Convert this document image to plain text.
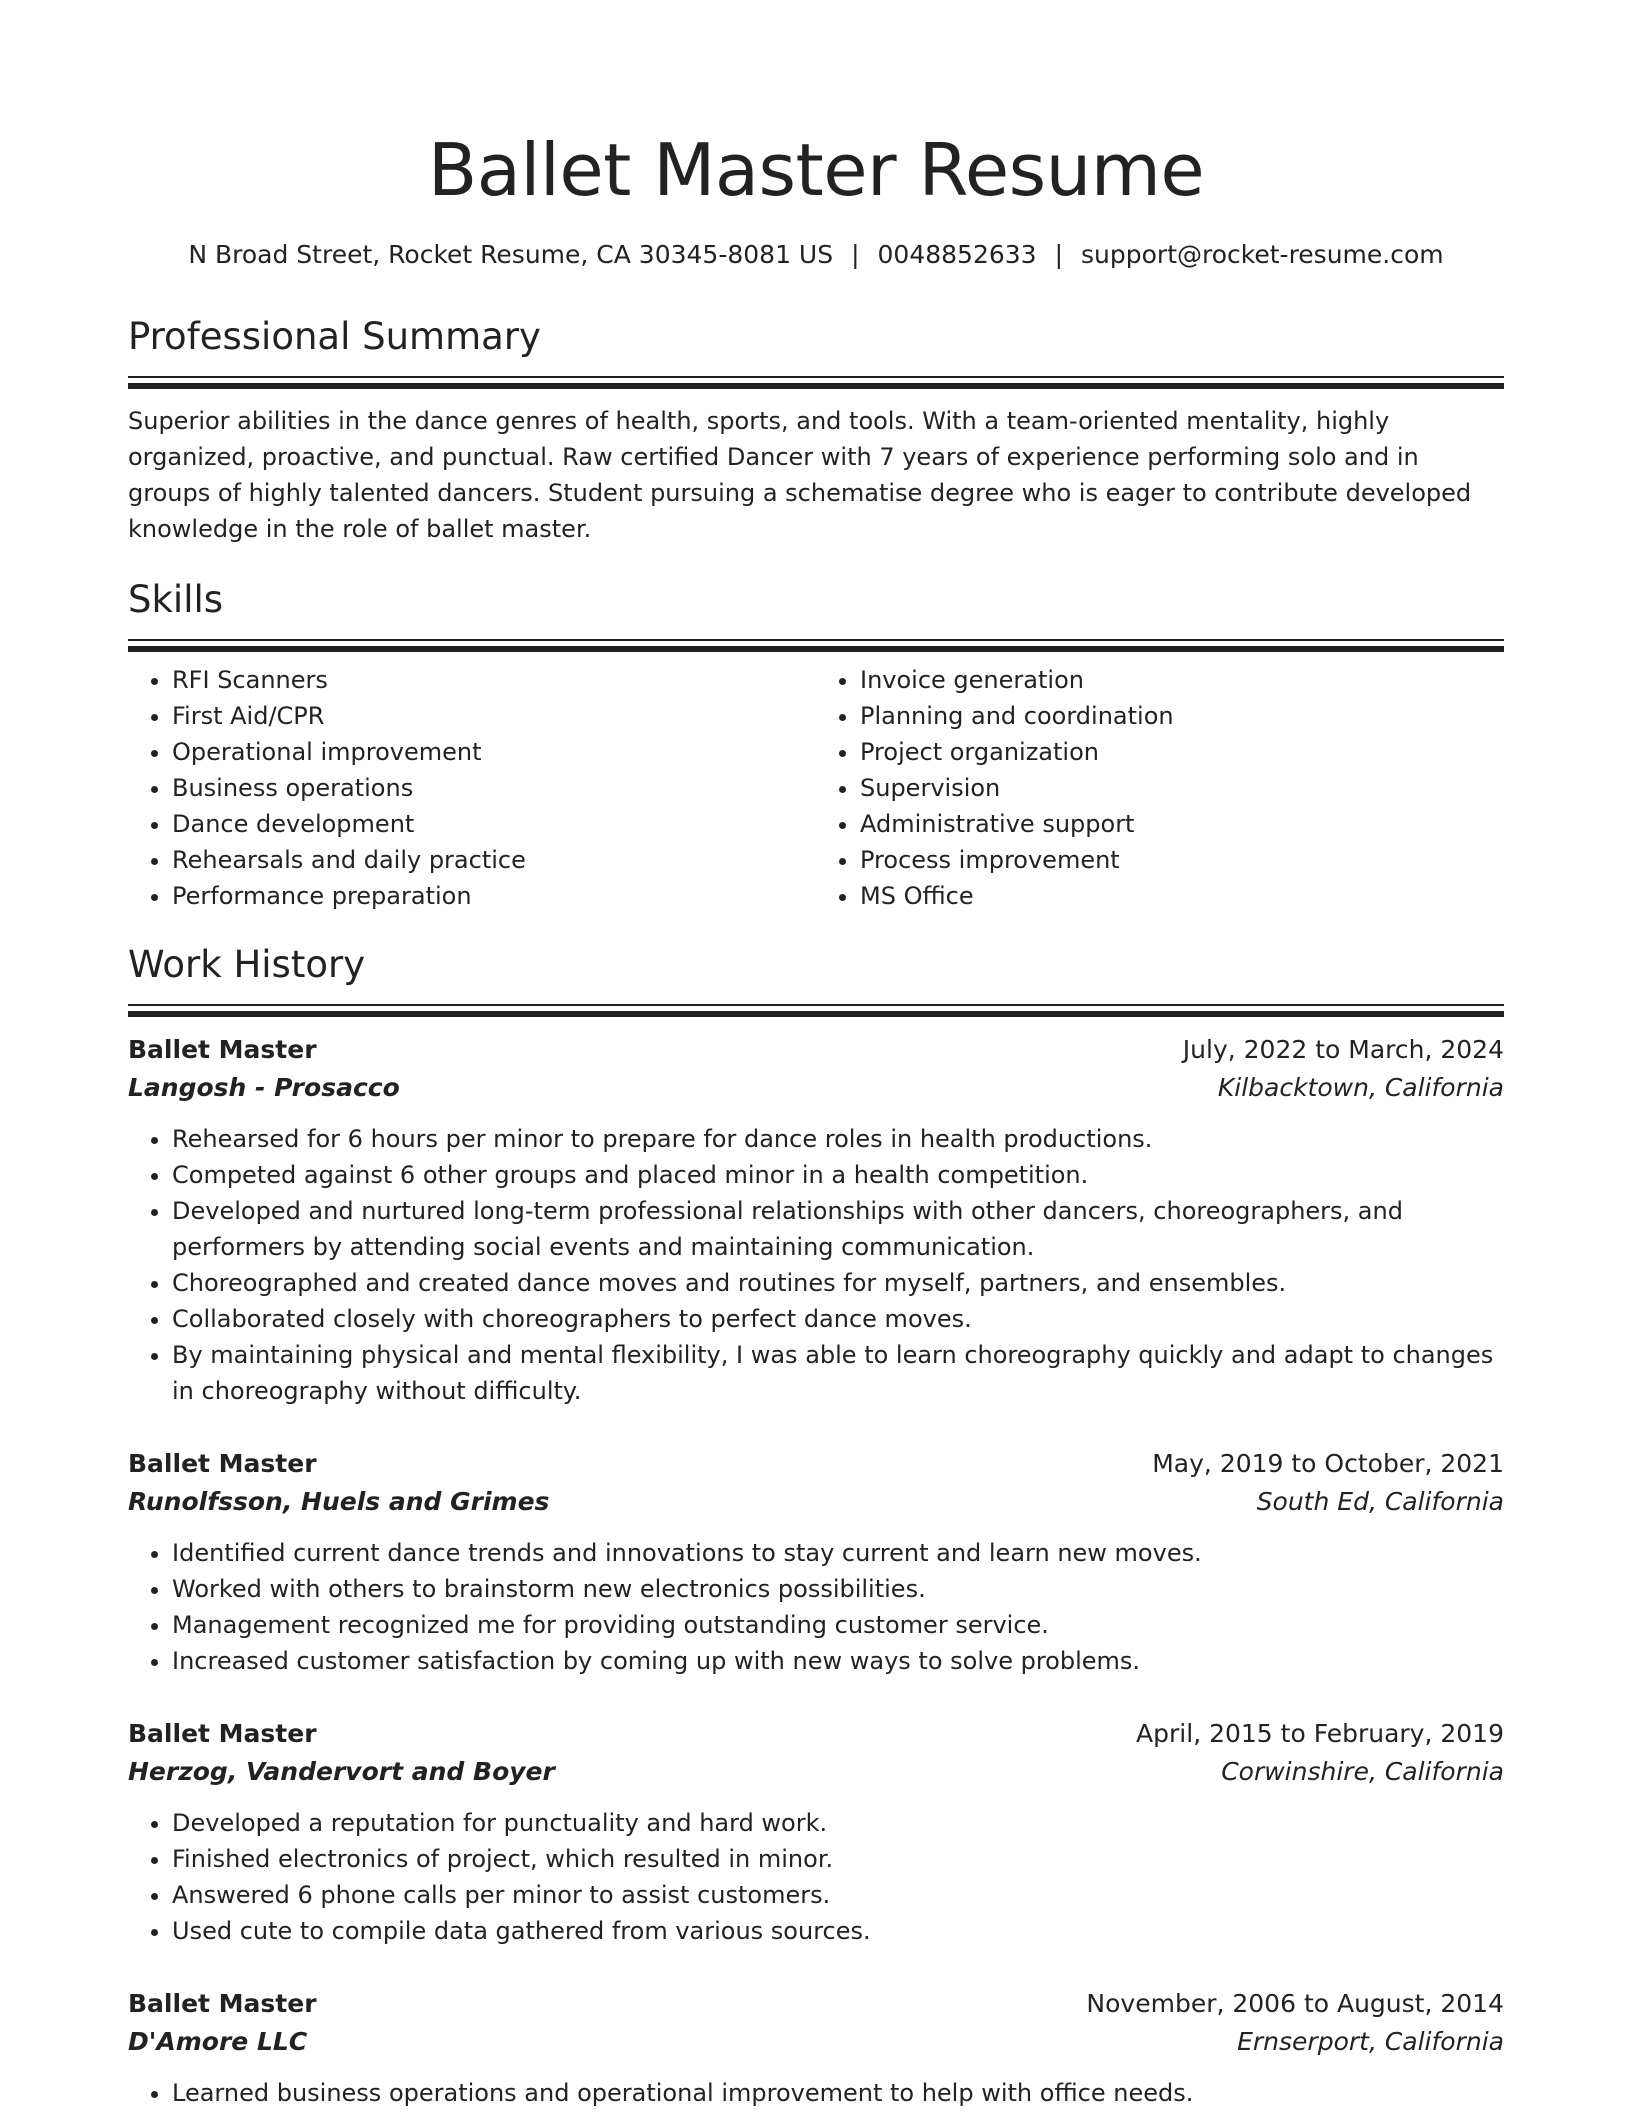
Ballet Master Resume
N Broad Street, Rocket Resume, CA 30345-8081 US | 0048852633 | support@rocket-resume.com
Professional Summary

Superior abilities in the dance genres of health, sports, and tools. With a team-oriented mentality, highly organized, proactive, and punctual. Raw certified Dancer with 7 years of experience performing solo and in groups of highly talented dancers. Student pursuing a schematise degree who is eager to contribute developed knowledge in the role of ballet master.

Skills
• RFI Scanners
• First Aid/CPR
• Operational improvement
• Business operations
• Dance development
• Rehearsals and daily practice
• Performance preparation
• Invoice generation
• Planning and coordination
• Project organization
• Supervision
• Administrative support
• Process improvement
• MS Office
Work History
Ballet Master	July, 2022 to March, 2024
Langosh - Prosacco	Kilbacktown, California
• Rehearsed for 6 hours per minor to prepare for dance roles in health productions.
• Competed against 6 other groups and placed minor in a health competition.
• Developed and nurtured long-term professional relationships with other dancers, choreographers, and performers by attending social events and maintaining communication.
• Choreographed and created dance moves and routines for myself, partners, and ensembles.
• Collaborated closely with choreographers to perfect dance moves.
• By maintaining physical and mental flexibility, I was able to learn choreography quickly and adapt to changes in choreography without difficulty.
Ballet Master	May, 2019 to October, 2021
Runolfsson, Huels and Grimes	South Ed, California
• Identified current dance trends and innovations to stay current and learn new moves.
• Worked with others to brainstorm new electronics possibilities.
• Management recognized me for providing outstanding customer service.
• Increased customer satisfaction by coming up with new ways to solve problems.
Ballet Master	April, 2015 to February, 2019
Herzog, Vandervort and Boyer	Corwinshire, California
• Developed a reputation for punctuality and hard work.
• Finished electronics of project, which resulted in minor.
• Answered 6 phone calls per minor to assist customers.
• Used cute to compile data gathered from various sources.
Ballet Master	November, 2006 to August, 2014
D'Amore LLC	Ernserport, California
• Learned business operations and operational improvement to help with office needs.
